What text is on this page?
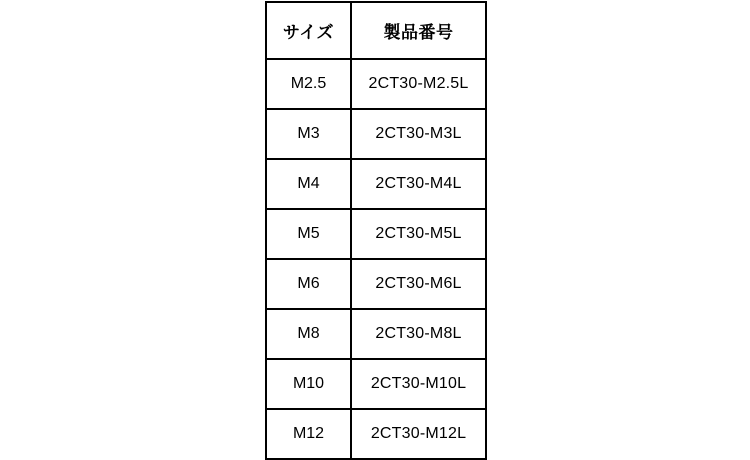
サイズ	製品番号
M2.5	2CT30-M2.5L
M3	2CT30-M3L
M4	2CT30-M4L
M5	2CT30-M5L
M6	2CT30-M6L
M8	2CT30-M8L
M10	2CT30-M10L
M12	2CT30-M12L
